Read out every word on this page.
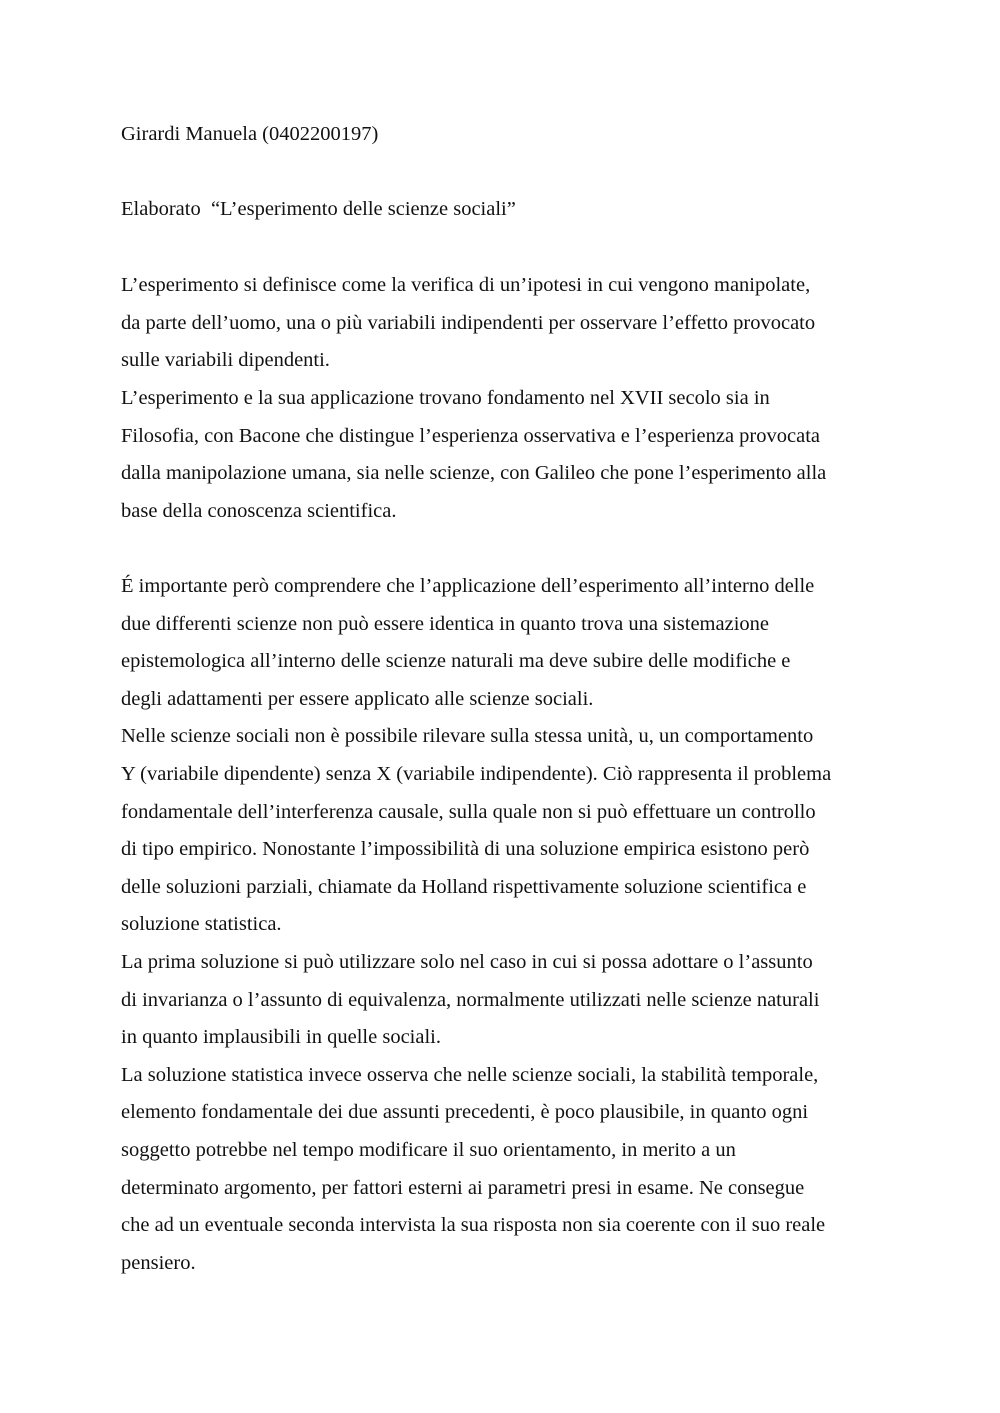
Girardi Manuela (0402200197)
Elaborato  “L’esperimento delle scienze sociali”
L’esperimento si definisce come la verifica di un’ipotesi in cui vengono manipolate,
da parte dell’uomo, una o più variabili indipendenti per osservare l’effetto provocato
sulle variabili dipendenti.
L’esperimento e la sua applicazione trovano fondamento nel XVII secolo sia in
Filosofia, con Bacone che distingue l’esperienza osservativa e l’esperienza provocata
dalla manipolazione umana, sia nelle scienze, con Galileo che pone l’esperimento alla
base della conoscenza scientifica.
É importante però comprendere che l’applicazione dell’esperimento all’interno delle
due differenti scienze non può essere identica in quanto trova una sistemazione
epistemologica all’interno delle scienze naturali ma deve subire delle modifiche e
degli adattamenti per essere applicato alle scienze sociali.
Nelle scienze sociali non è possibile rilevare sulla stessa unità, u, un comportamento
Y (variabile dipendente) senza X (variabile indipendente). Ciò rappresenta il problema
fondamentale dell’interferenza causale, sulla quale non si può effettuare un controllo
di tipo empirico. Nonostante l’impossibilità di una soluzione empirica esistono però
delle soluzioni parziali, chiamate da Holland rispettivamente soluzione scientifica e
soluzione statistica.
La prima soluzione si può utilizzare solo nel caso in cui si possa adottare o l’assunto
di invarianza o l’assunto di equivalenza, normalmente utilizzati nelle scienze naturali
in quanto implausibili in quelle sociali.
La soluzione statistica invece osserva che nelle scienze sociali, la stabilità temporale,
elemento fondamentale dei due assunti precedenti, è poco plausibile, in quanto ogni
soggetto potrebbe nel tempo modificare il suo orientamento, in merito a un
determinato argomento, per fattori esterni ai parametri presi in esame. Ne consegue
che ad un eventuale seconda intervista la sua risposta non sia coerente con il suo reale
pensiero.
